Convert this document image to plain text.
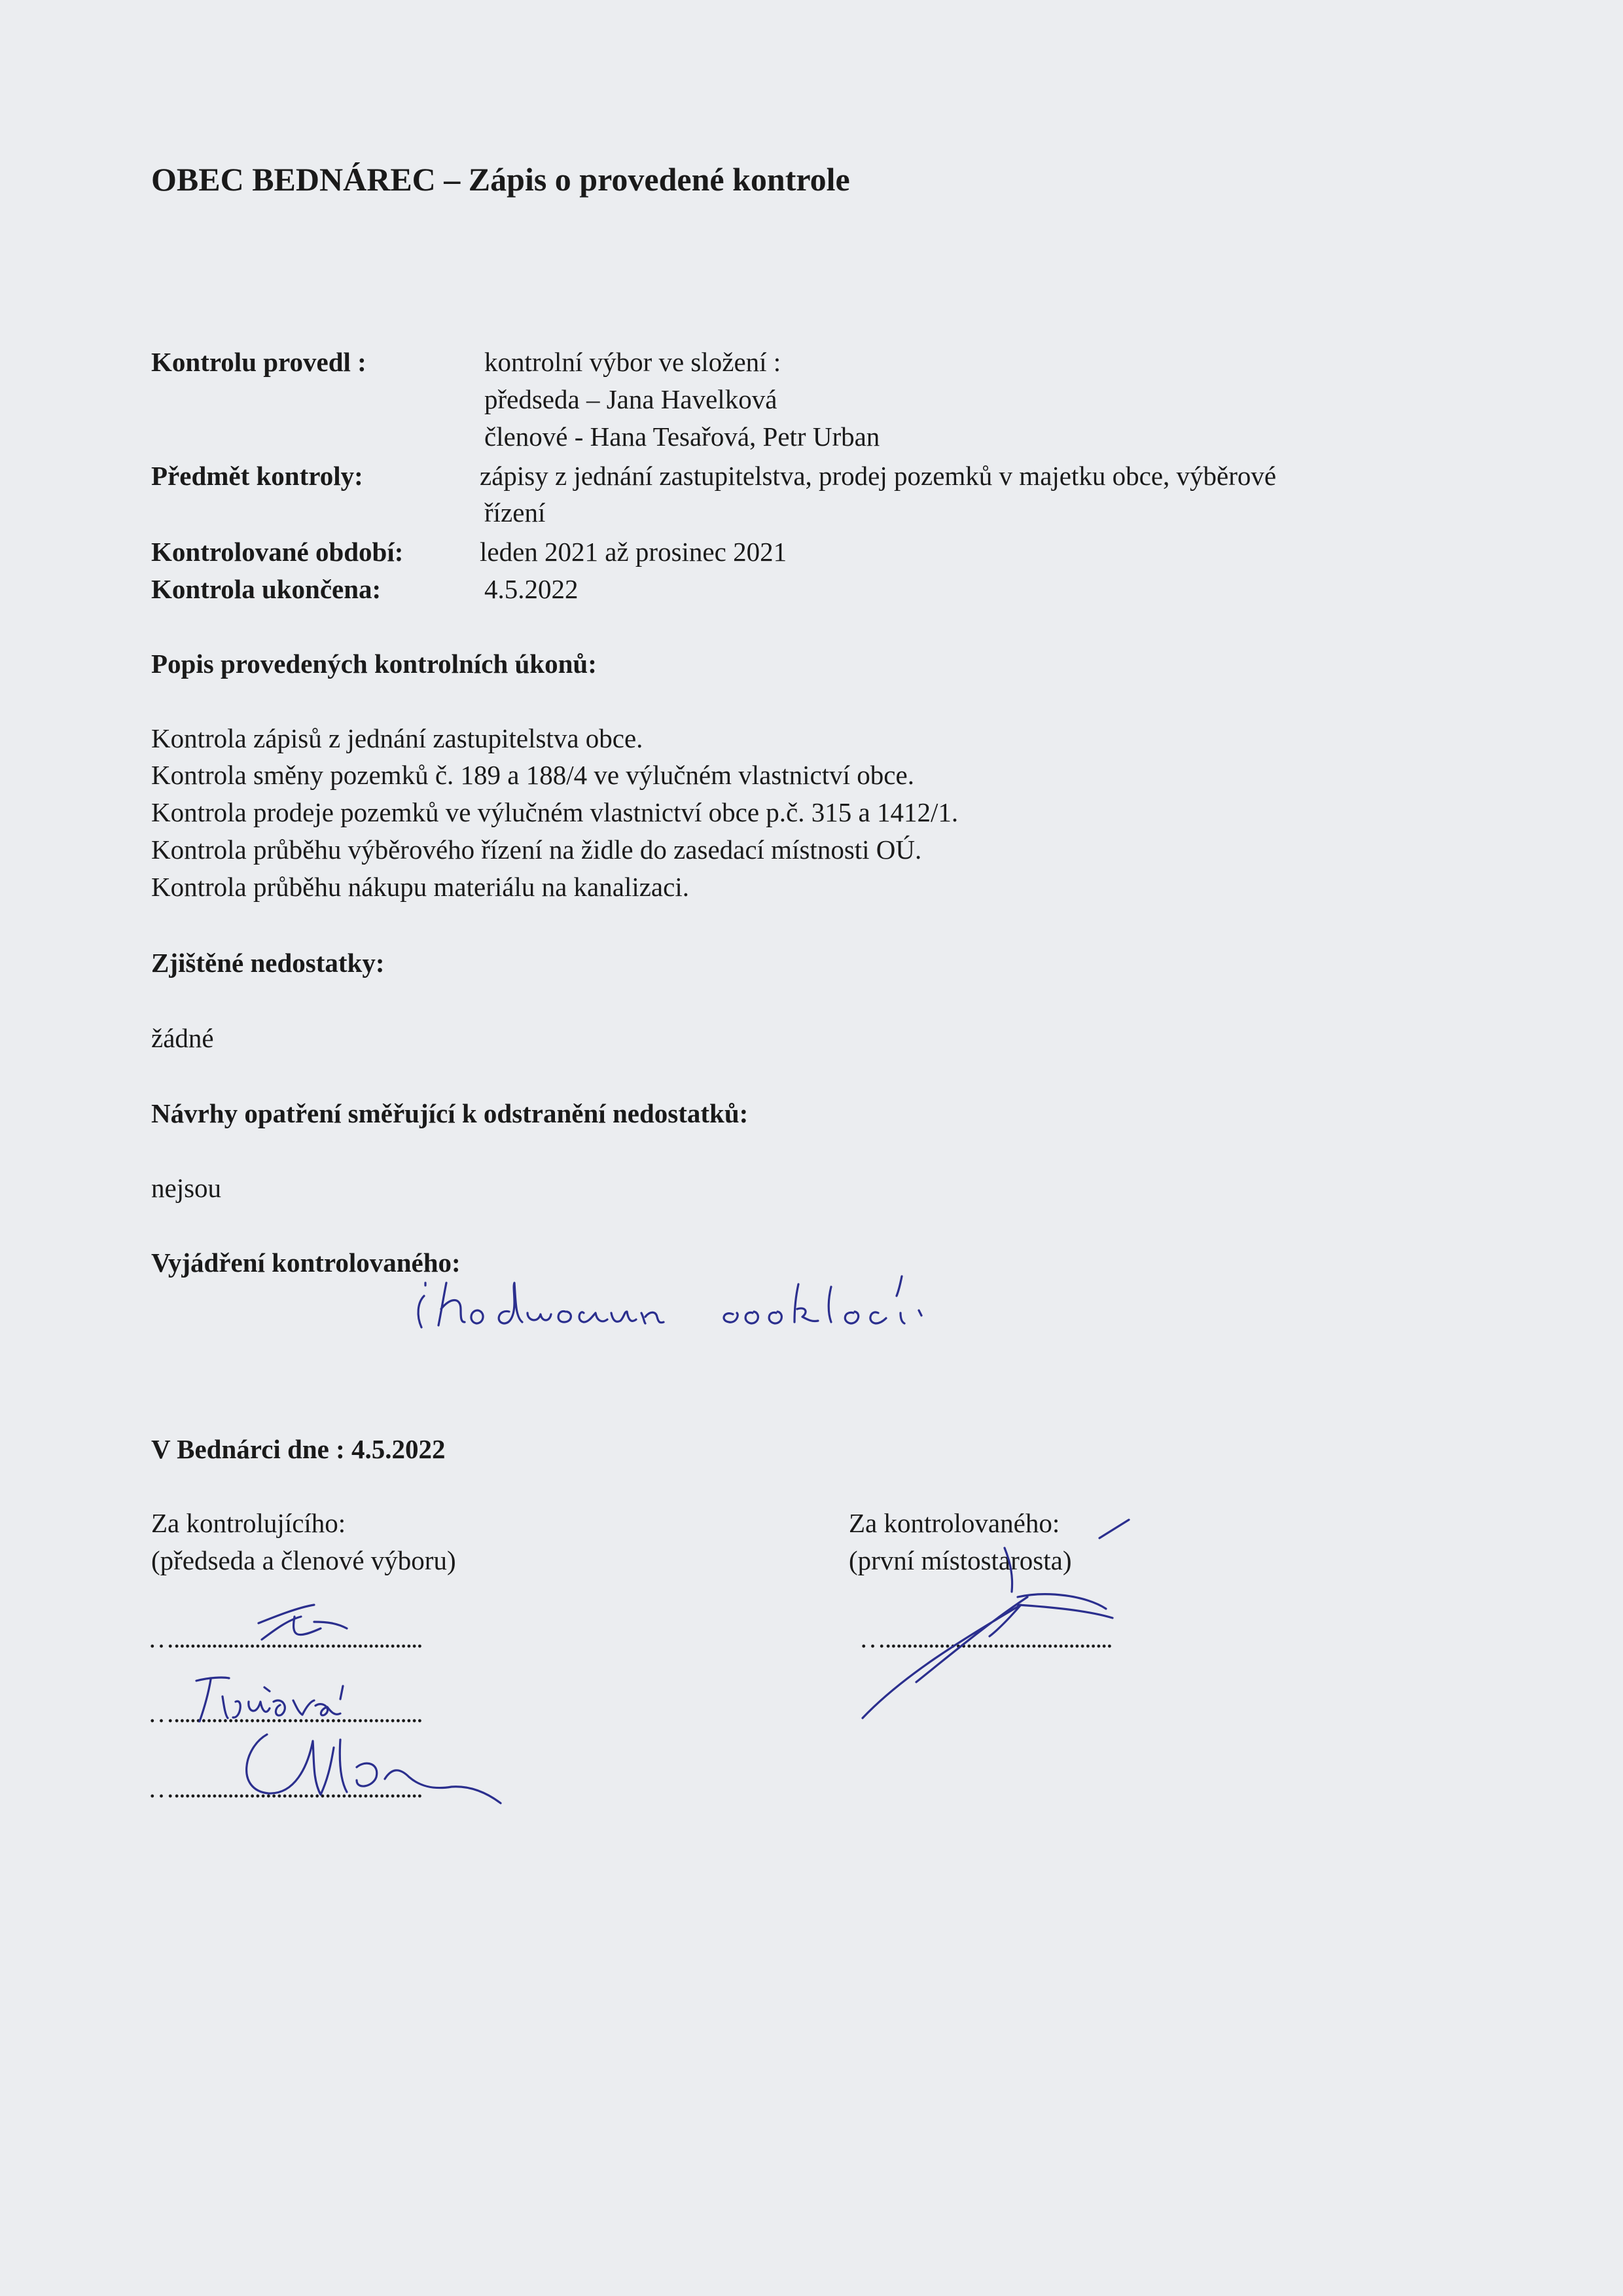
OBEC BEDNÁREC – Zápis o provedené kontrole
Kontrolu provedl :	kontrolní výbor ve složení :
předseda – Jana Havelková
členové - Hana Tesařová, Petr Urban
Předmět kontroly:	zápisy z jednání zastupitelstva, prodej pozemků v majetku obce, výběrové
řízení
Kontrolované období:	leden 2021 až prosinec 2021
Kontrola ukončena:	4.5.2022
Popis provedených kontrolních úkonů:
Kontrola zápisů z jednání zastupitelstva obce.
Kontrola směny pozemků č. 189 a 188/4 ve výlučném vlastnictví obce.
Kontrola prodeje pozemků ve výlučném vlastnictví obce p.č. 315 a 1412/1.
Kontrola průběhu výběrového řízení na židle do zasedací místnosti OÚ.
Kontrola průběhu nákupu materiálu na kanalizaci.
Zjištěné nedostatky:
žádné
Návrhy opatření směřující k odstranění nedostatků:
nejsou
Vyjádření kontrolovaného:
V Bednárci dne : 4.5.2022
Za kontrolujícího:
(předseda a členové výboru)
…..............................................
…..............................................
…..............................................
Za kontrolovaného:
(první místostarosta)
…..........................................
